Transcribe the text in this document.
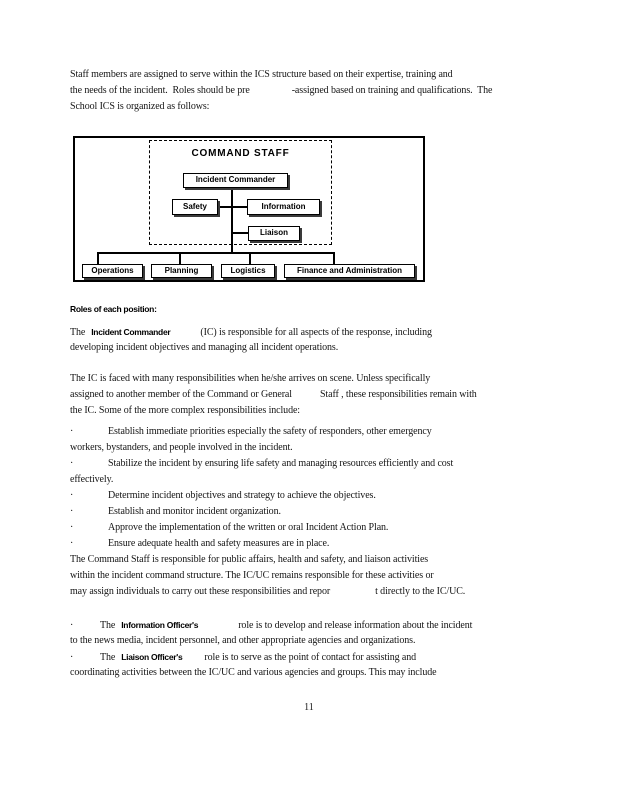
Staff members are assigned to serve within the ICS structure based on their expertise, training and
the needs of the incident.  Roles should be pre	-assigned based on training and qualifications.  The
School ICS is organized as follows:
COMMAND STAFF
Incident Commander
Safety	Information
Liaison
Operations	Planning	Logistics	Finance and Administration
Roles of each position:
The Incident Commander	(IC) is responsible for all aspects of the response, including
developing incident objectives and managing all incident operations.
The IC is faced with many responsibilities when he/she arrives on scene. Unless specifically
assigned to another member of the Command or General	Staff , these responsibilities remain with
the IC. Some of the more complex responsibilities include:
·	Establish immediate priorities especially the safety of responders, other emergency
workers, bystanders, and people involved in the incident.
·	Stabilize the incident by ensuring life safety and managing resources efficiently and cost
effectively.
·	Determine incident objectives and strategy to achieve the objectives.
·	Establish and monitor incident organization.
·	Approve the implementation of the written or oral Incident Action Plan.
·	Ensure adequate health and safety measures are in place.
The Command Staff is responsible for public affairs, health and safety, and liaison activities
within the incident command structure. The IC/UC remains responsible for these activities or
may assign individuals to carry out these responsibilities and repor	t directly to the IC/UC.
·	The Information Officer's	role is to develop and release information about the incident
to the news media, incident personnel, and other appropriate agencies and organizations.
·	The Liaison Officer's role is to serve as the point of contact for assisting and
coordinating activities between the IC/UC and various agencies and groups. This may include
11
